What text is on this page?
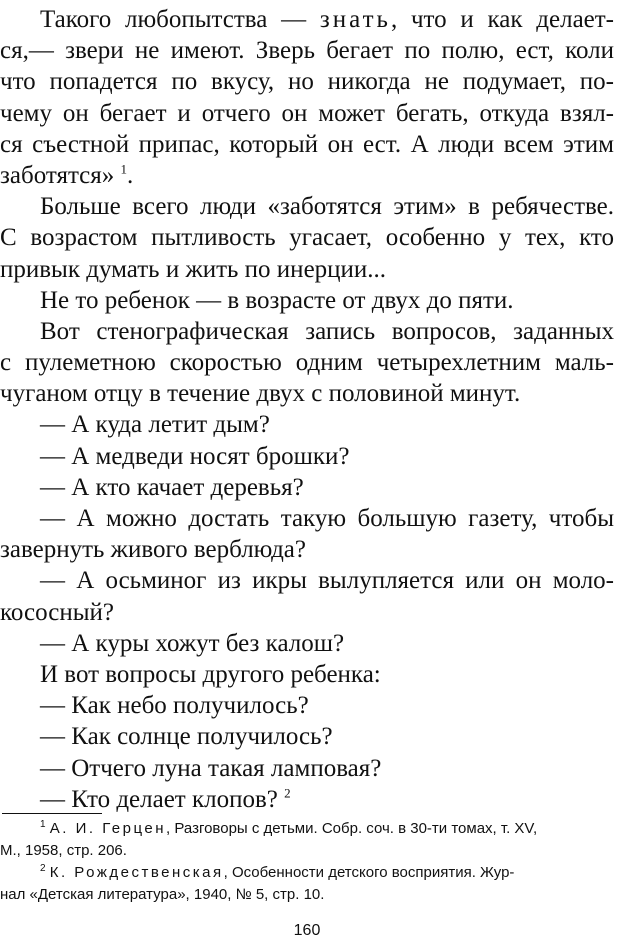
Такого любопытства — знать, что и как делает-
ся,— звери не имеют. Зверь бегает по полю, ест, коли
что попадется по вкусу, но никогда не подумает, по-
чему он бегает и отчего он может бегать, откуда взял-
ся съестной припас, который он ест. А люди всем этим
заботятся» $^1$.
Больше всего люди «заботятся этим» в ребячестве.
С возрастом пытливость угасает, особенно у тех, кто
привык думать и жить по инерции...
Не то ребенок — в возрасте от двух до пяти.
Вот стенографическая запись вопросов, заданных
с пулеметною скоростью одним четырехлетним маль-
чуганом отцу в течение двух с половиной минут.
— А куда летит дым?
— А медведи носят брошки?
— А кто качает деревья?
— А можно достать такую большую газету, чтобы
завернуть живого верблюда?
— А осьминог из икры вылупляется или он моло-
кососный?
— А куры хожут без калош?
И вот вопросы другого ребенка:
— Как небо получилось?
— Как солнце получилось?
— Отчего луна такая ламповая?
— Кто делает клопов? $^2$
$^1$ А. И. Герцен, Разговоры с детьми. Собр. соч. в 30-ти томах, т. XV,
М., 1958, стр. 206.
$^2$ К. Рождественская, Особенности детского восприятия. Жур-
нал «Детская литература», 1940, № 5, стр. 10.
160
